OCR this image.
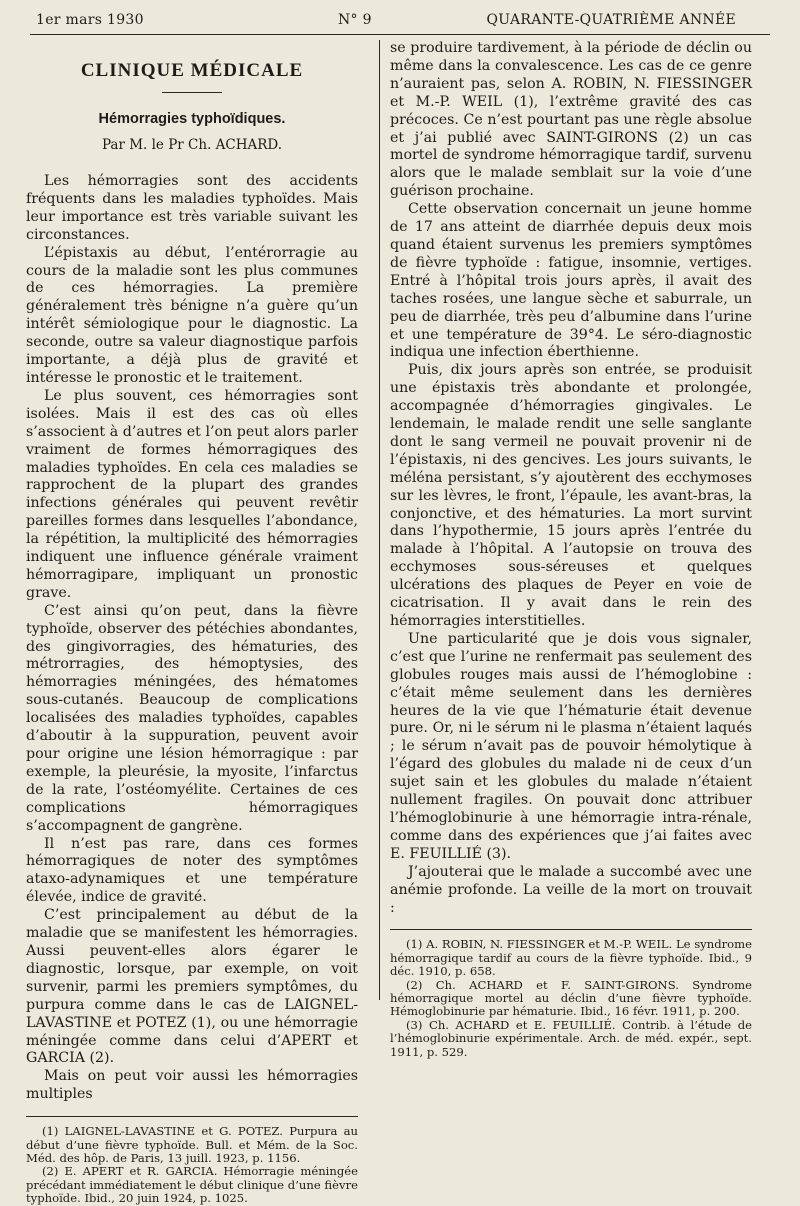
1er mars 1930	N° 9	QUARANTE-QUATRIÈME ANNÉE
CLINIQUE MÉDICALE
Hémorragies typhoïdiques.
Par M. le Pr Ch. ACHARD.

Les hémorragies sont des accidents fréquents dans les maladies typhoïdes. Mais leur importance est très variable suivant les circonstances.

L’épistaxis au début, l’entérorragie au cours de la maladie sont les plus communes de ces hémorragies. La première généralement très bénigne n’a guère qu’un intérêt sémiologique pour le diagnostic. La seconde, outre sa valeur diagnostique parfois importante, a déjà plus de gravité et intéresse le pronostic et le traitement.

Le plus souvent, ces hémorragies sont isolées. Mais il est des cas où elles s’associent à d’autres et l’on peut alors parler vraiment de formes hémorragiques des maladies typhoïdes. En cela ces maladies se rapprochent de la plupart des grandes infections générales qui peuvent revêtir pareilles formes dans lesquelles l’abondance, la répétition, la multiplicité des hémorragies indiquent une influence générale vraiment hémorragipare, impliquant un pronostic grave.

C’est ainsi qu’on peut, dans la fièvre typhoïde, observer des pétéchies abondantes, des gingivorragies, des hématuries, des métrorragies, des hémoptysies, des hémorragies méningées, des hématomes sous-cutanés. Beaucoup de complications localisées des maladies typhoïdes, capables d’aboutir à la suppuration, peuvent avoir pour origine une lésion hémorragique : par exemple, la pleurésie, la myosite, l’infarctus de la rate, l’ostéomyélite. Certaines de ces complications hémorragiques s’accompagnent de gangrène.

Il n’est pas rare, dans ces formes hémorragiques de noter des symptômes ataxo-adynamiques et une température élevée, indice de gravité.

C’est principalement au début de la maladie que se manifestent les hémorragies. Aussi peuvent-elles alors égarer le diagnostic, lorsque, par exemple, on voit survenir, parmi les premiers symptômes, du purpura comme dans le cas de LAIGNEL-LAVASTINE et POTEZ (1), ou une hémorragie méningée comme dans celui d’APERT et GARCIA (2).

Mais on peut voir aussi les hémorragies multiples

(1) LAIGNEL-LAVASTINE et G. POTEZ. Purpura au début d’une fièvre typhoïde. Bull. et Mém. de la Soc. Méd. des hôp. de Paris, 13 juill. 1923, p. 1156.

(2) E. APERT et R. GARCIA. Hémorragie méningée précédant immédiatement le début clinique d’une fièvre typhoïde. Ibid., 20 juin 1924, p. 1025.

se produire tardivement, à la période de déclin ou même dans la convalescence. Les cas de ce genre n’auraient pas, selon A. ROBIN, N. FIESSINGER et M.-P. WEIL (1), l’extrême gravité des cas précoces. Ce n’est pourtant pas une règle absolue et j’ai publié avec SAINT-GIRONS (2) un cas mortel de syndrome hémorragique tardif, survenu alors que le malade semblait sur la voie d’une guérison prochaine.

Cette observation concernait un jeune homme de 17 ans atteint de diarrhée depuis deux mois quand étaient survenus les premiers symptômes de fièvre typhoïde : fatigue, insomnie, vertiges. Entré à l’hôpital trois jours après, il avait des taches rosées, une langue sèche et saburrale, un peu de diarrhée, très peu d’albumine dans l’urine et une température de 39°4. Le séro-diagnostic indiqua une infection éberthienne.

Puis, dix jours après son entrée, se produisit une épistaxis très abondante et prolongée, accompagnée d’hémorragies gingivales. Le lendemain, le malade rendit une selle sanglante dont le sang vermeil ne pouvait provenir ni de l’épistaxis, ni des gencives. Les jours suivants, le méléna persistant, s’y ajoutèrent des ecchymoses sur les lèvres, le front, l’épaule, les avant-bras, la conjonctive, et des hématuries. La mort survint dans l’hypothermie, 15 jours après l’entrée du malade à l’hôpital. A l’autopsie on trouva des ecchymoses sous-séreuses et quelques ulcérations des plaques de Peyer en voie de cicatrisation. Il y avait dans le rein des hémorragies interstitielles.

Une particularité que je dois vous signaler, c’est que l’urine ne renfermait pas seulement des globules rouges mais aussi de l’hémoglobine : c’était même seulement dans les dernières heures de la vie que l’hématurie était devenue pure. Or, ni le sérum ni le plasma n’étaient laqués ; le sérum n’avait pas de pouvoir hémolytique à l’égard des globules du malade ni de ceux d’un sujet sain et les globules du malade n’étaient nullement fragiles. On pouvait donc attribuer l’hémoglobinurie à une hémorragie intra-rénale, comme dans des expériences que j’ai faites avec E. FEUILLIÉ (3).

J’ajouterai que le malade a succombé avec une anémie profonde. La veille de la mort on trouvait :

(1) A. ROBIN, N. FIESSINGER et M.-P. WEIL. Le syndrome hémorragique tardif au cours de la fièvre typhoïde. Ibid., 9 déc. 1910, p. 658.

(2) Ch. ACHARD et F. SAINT-GIRONS. Syndrome hémorragique mortel au déclin d’une fièvre typhoïde. Hémoglobinurie par hématurie. Ibid., 16 févr. 1911, p. 200.

(3) Ch. ACHARD et E. FEUILLIÉ. Contrib. à l’étude de l’hémoglobinurie expérimentale. Arch. de méd. expér., sept. 1911, p. 529.
